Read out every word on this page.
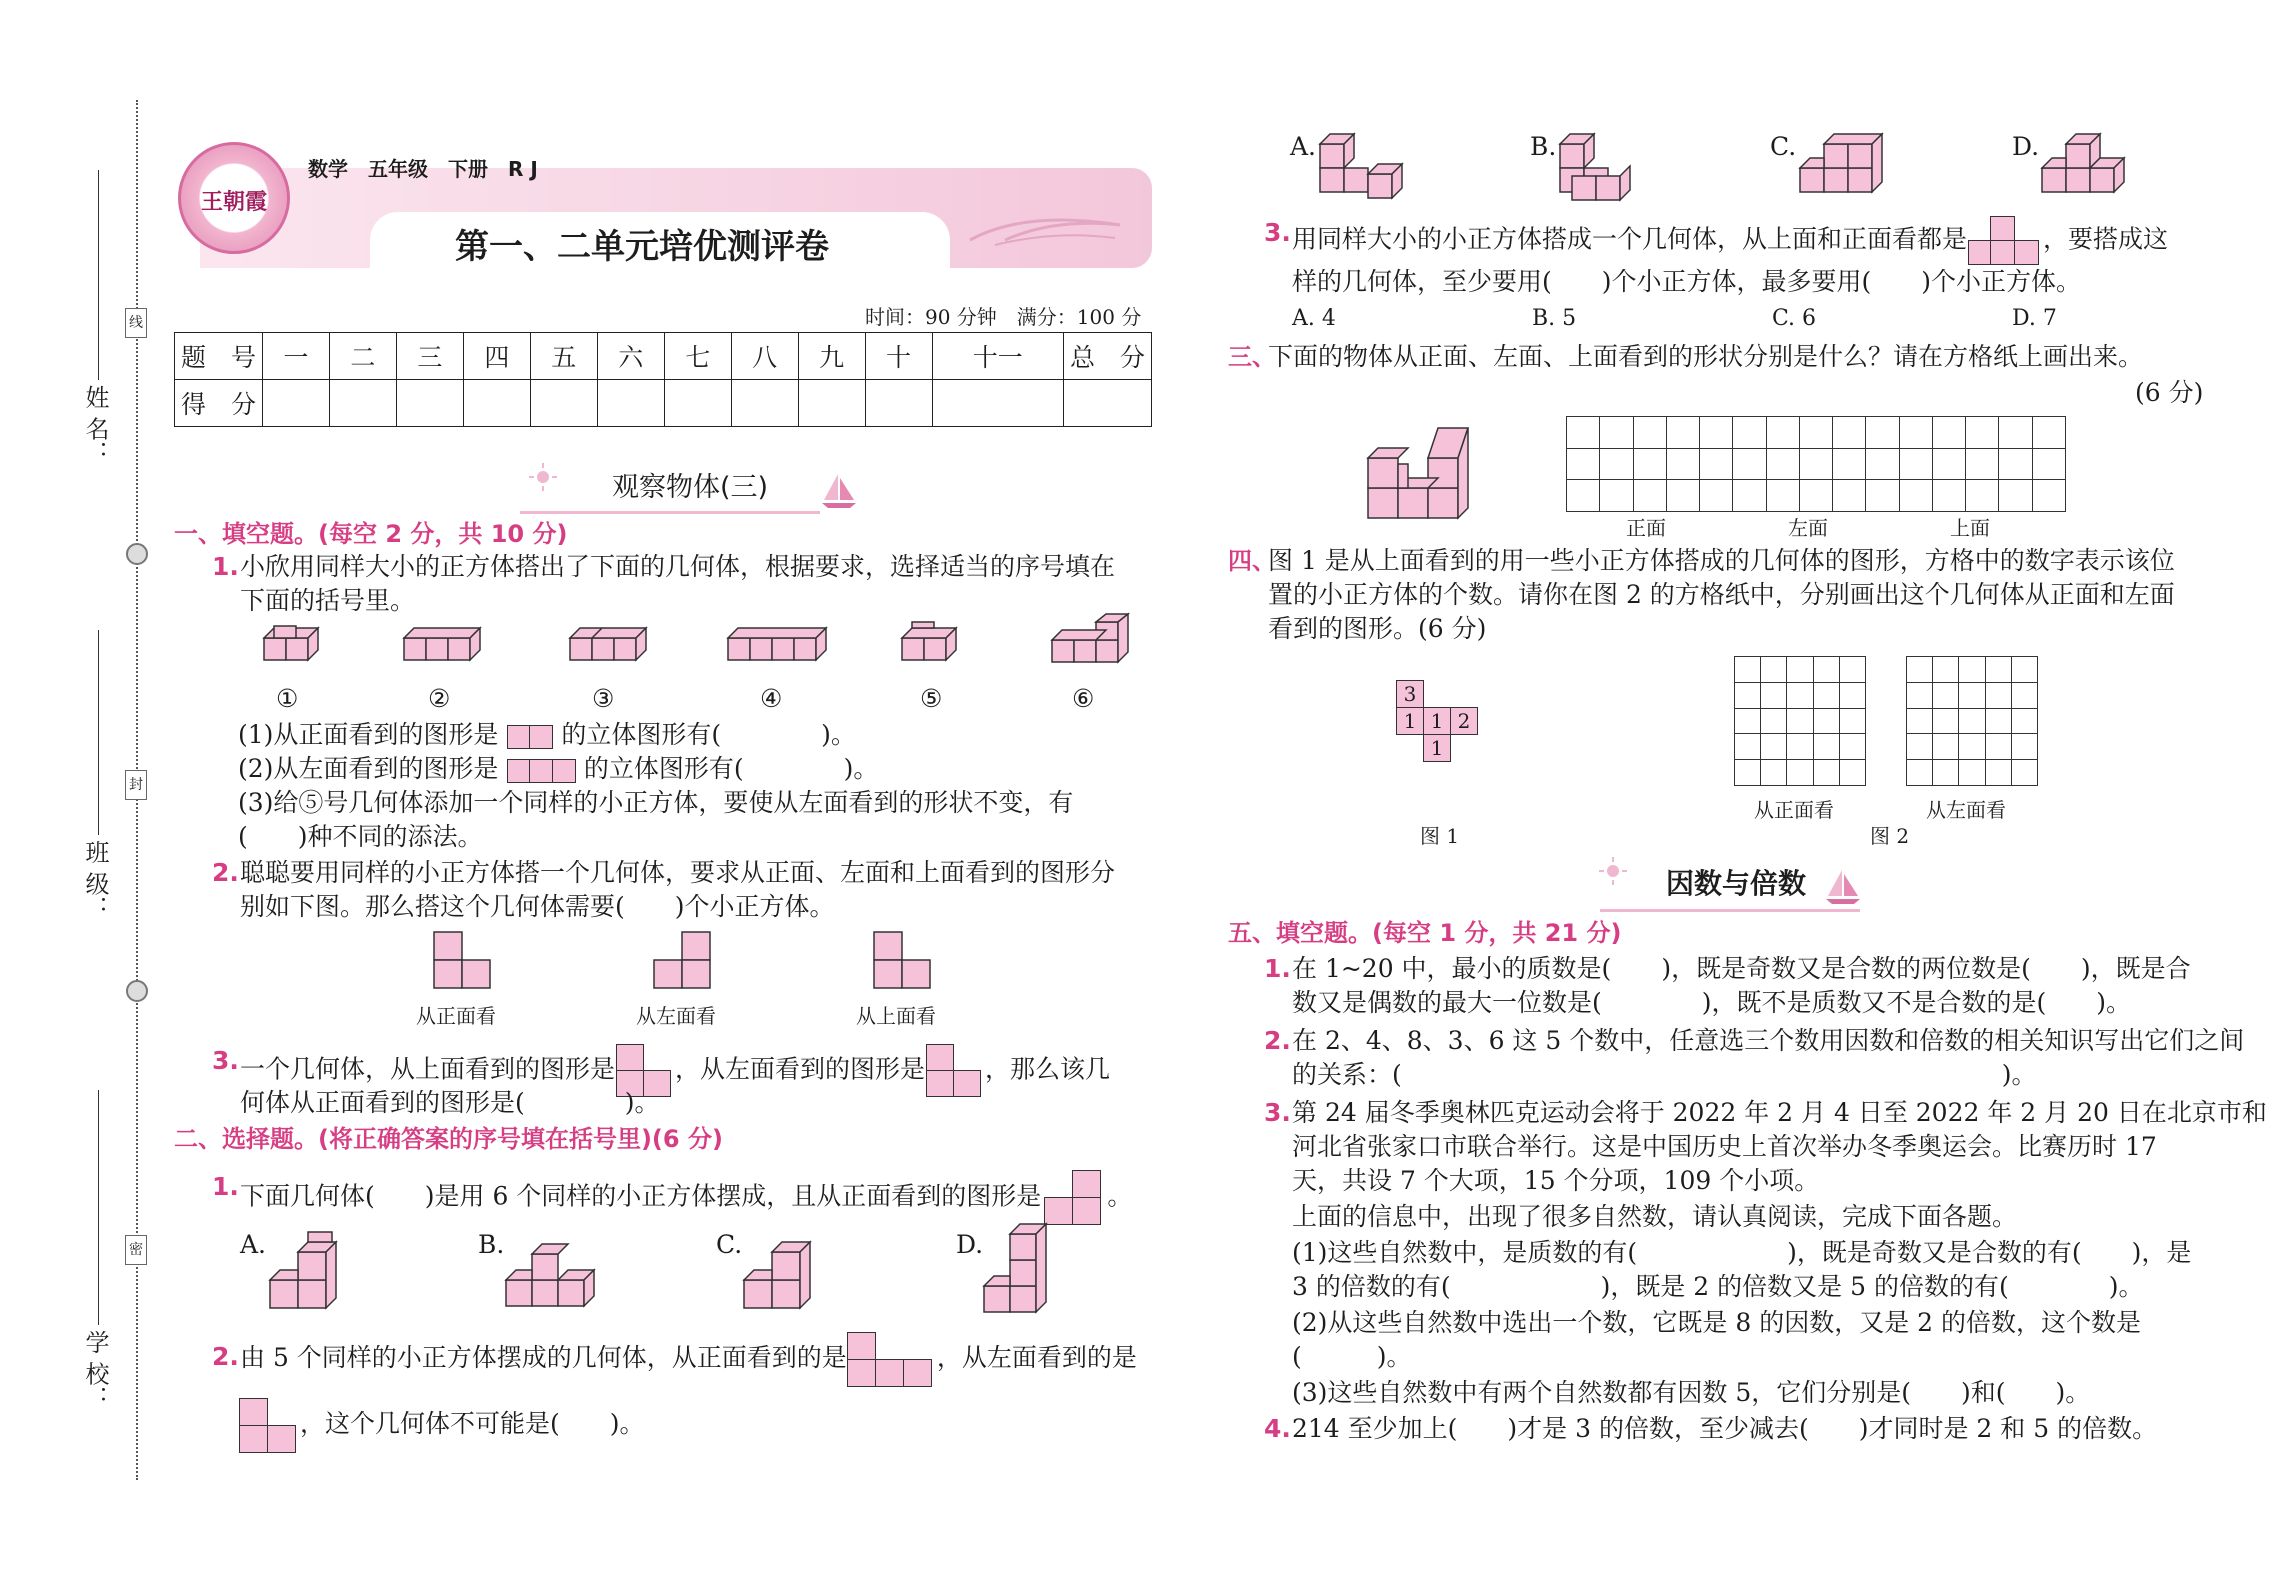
姓 名：
班 级：
学 校：
线
封
密
王朝霞
数学　五年级　下册　R J
第一、二单元培优测评卷
时间：90 分钟　满分：100 分
题　号	一	二	三	四	五	六	七	八	九	十	十一	总　分
得　分												
观察物体(三)
一、填空题。(每空 2 分，共 10 分)
1. 小欣用同样大小的正方体搭出了下面的几何体，根据要求，选择适当的序号填在
下面的括号里。
①	②	③	④	⑤	⑥
(1)从正面看到的图形是	的立体图形有(　　　　)。
(2)从左面看到的图形是	的立体图形有(　　　　)。
(3)给⑤号几何体添加一个同样的小正方体，要使从左面看到的形状不变，有
(　　)种不同的添法。
2. 聪聪要用同样的小正方体搭一个几何体，要求从正面、左面和上面看到的图形分
别如下图。那么搭这个几何体需要(　　)个小正方体。
从正面看	从左面看	从上面看
3. 一个几何体，从上面看到的图形是 ，从左面看到的图形是 ，那么该几
何体从正面看到的图形是(　　　　)。
二、选择题。(将正确答案的序号填在括号里)(6 分)
1. 下面几何体(　　)是用 6 个同样的小正方体摆成，且从正面看到的图形是	。
A.	B.	C.	D.
2. 由 5 个同样的小正方体摆成的几何体，从正面看到的是	，从左面看到的是
，这个几何体不可能是(　　)。
A.	B.	C.	D.
3. 用同样大小的小正方体搭成一个几何体，从上面和正面看都是	，要搭成这
样的几何体，至少要用(　　)个小正方体，最多要用(　　)个小正方体。
A. 4	B. 5	C. 6	D. 7
三、
下面的物体从正面、左面、上面看到的形状分别是什么？请在方格纸上画出来。
(6 分)
正面	左面	上面
四、
图 1 是从上面看到的用一些小正方体搭成的几何体的图形，方格中的数字表示该位
置的小正方体的个数。请你在图 2 的方格纸中，分别画出这个几何体从正面和左面
看到的图形。(6 分)
3
1 1 2
1
图 1
从正面看	从左面看
图 2
因数与倍数
五、填空题。(每空 1 分，共 21 分)
1. 在 1~20 中，最小的质数是(　　)，既是奇数又是合数的两位数是(　　)，既是合
数又是偶数的最大一位数是(　　　　)，既不是质数又不是合数的是(　　)。
2. 在 2、4、8、3、6 这 5 个数中，任意选三个数用因数和倍数的相关知识写出它们之间
的关系：(　　　　　　　　　　　　　　　　　　　　　　　　)。
3. 第 24 届冬季奥林匹克运动会将于 2022 年 2 月 4 日至 2022 年 2 月 20 日在北京市和
河北省张家口市联合举行。这是中国历史上首次举办冬季奥运会。比赛历时 17
天，共设 7 个大项，15 个分项，109 个小项。
上面的信息中，出现了很多自然数，请认真阅读，完成下面各题。
(1)这些自然数中，是质数的有(　　　　　　)，既是奇数又是合数的有(　　)，是
3 的倍数的有(　　　　　　)，既是 2 的倍数又是 5 的倍数的有(　　　　)。
(2)从这些自然数中选出一个数，它既是 8 的因数，又是 2 的倍数，这个数是
(　　　)。
(3)这些自然数中有两个自然数都有因数 5，它们分别是(　　)和(　　)。
4. 214 至少加上(　　)才是 3 的倍数，至少减去(　　)才同时是 2 和 5 的倍数。
